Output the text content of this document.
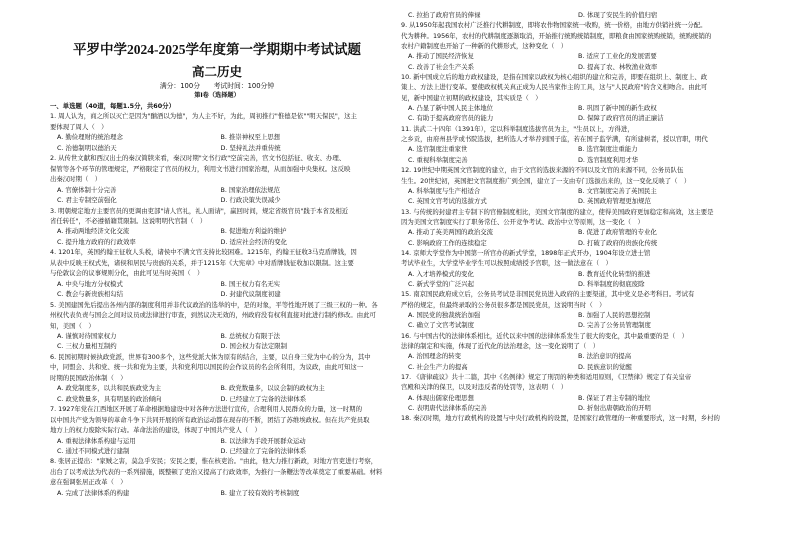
平罗中学2024-2025学年度第一学期期中考试试题
高二历史
满分：100分　　考试时间：100分钟
第Ⅰ卷（选择题）
一、单选题（40道，每题1.5分，共60分）
1. 周人认为，商之所以灭亡是因为"酗酒以为德"，为人主不好，为此，周初推行"惟德是依""明天保民"，这主
要体现了周人（　）
A. 勤俭理财的统治理念	B. 推崇神权至上思想
C. 治德制明以德治天	D. 坚持礼法并重传统
2. 从传世文献和西汉出土的秦汉简牍来看，秦汉时期"文书行政"空前完善，官文书包括征、收支、办理、
保管等各个环节的管理规定，严格限定了官员的权力，利用文书进行国家治理，从而加强中央集权。这反映
出秦汉时期（　）
A. 官僚体制十分完善	B. 国家治理依法规范
C. 君主专制空前强化	D. 行政决策失误减少
3. 明朝规定地方主要官员的更调由吏部"请人官礼，礼人面请"，赢回时间，规定省级官员"践于本省及相近
省任转任"，不必遵循籍贯限制。这说明明代官制（　）
A. 推动两地经济文化交流	B. 促进地方利益的维护
C. 提升地方政府的行政效率	D. 适应社会经济的变化
4. 1201年，英国约翰王征收人头税，诸侯中不满文官支持比较困难。1215年，约翰王征收3马克盾牌钱，因
从表中反映王权式先，诸侯和居民与贵族的关系，并于1215年《大宪章》中对盾牌钱征收加以限制。这主要
与伦敦议会的议事规则分化，由此可见当时英国（　）
A. 中央与地方分权模式	B. 国王权力有名无实
C. 教会与新贵族相勾结	D. 封建代议制度初建
5. 美国建国先后提出各州内部的制度利用并非代议政治的选举的中，是的对象，平等性地开展了三级三权的一种。各
州权代表负责与国会之间对议员或法律进行审查，到然议决无效的，州政府没有权利直接对此进行制约修改。由此可
知，美国（　）
A. 谨慎对待国家权力	B. 总统权力有限于法
C. 三权力量相互制约	D. 国会权力有法定限制
6. 民国初期时候执政党派，世界有300多个，这些党派大体为原有的结合，主要，以自身三党为中心的分为，其中
中，同盟会、共和党、统一共和党为主要，共和党利用以国民的会作议员的名会所利用，为议政，由此可知这一
时期的民国政治体制（　）
A. 政党制度多，以共和民族政党为主	B. 政党数量多，以议会制的政权为主
C. 政党数量多，具有明显的政治倾向	D. 已经建立了完备的法律体系
7. 1927年党在江西地区开展了革命根据地建设中对各种方法进行宣传，合理利用人民群众的力量，这一时期的
以中国共产党为领导的革命斗争下共同开展的所有政治运动都在现存的不断，团结了苏维埃政权。但在共产党员取
地方上的权力废除实际行动。革命法治的建设，体现了中国共产党人（　）
A. 重视法律体系构建与运用	B. 以法律为手段开展群众运动
C. 通过不同模式进行建制	D. 已经建立了完备的法律体系
8. 张居正提出："家贼之害，莫急乎安民；安民之要，惟在核吏治。"由此，他大力推行新政，对地方官吏进行考察，
出台了以考成法为代表的一系列措施，既整顿了吏治又提高了行政效率，为推行一条鞭法等改革奠定了重要基础。材料
意在强调张居正改革（　）
A. 完成了法律体系的构建	B. 建立了较有效的考核制度
C. 拉抬了政府官员的俸禄	D. 体现了安民生的价值归宿
9. 从1950年起我国农村广泛推行代耕制度，即将农作物国家统一收购，统一价格，由地方供销社统一分配。
代为耕种。1956年，农村的代耕制度逐渐取消，开始推行统购统销制度，即粮食由国家统购统销，统购统销的
农村户籍制度也开始了一种新的代耕形式，这种变化（　）
A. 推动了国民经济恢复	B. 适应了工业化的发展需要
C. 改善了社会生产关系	D. 提高了农、林牧渔业效率
10. 新中国成立后的地方政权建设，是指在国家以政权为核心组织的建立和完善，即要在组织上、制度上、政
策上、方法上进行变革。要使政权机关真正成为人民当家作主的工具，这与"人民政府"的含义相吻合。由此可
见，新中国建立初期的政权建设，其实质是（　）
A. 凸显了新中国人民主体地位	B. 巩固了新中国的新生政权
C. 有助于提高政府官员的能力	D. 保障了政府官员的清正廉洁
11. 洪武二十四年（1391年），定以科举制度选拔官员为主，"生员以上，方得进，
之乡贡，由府州县学或书院选拔，把所选人才举荐到国子监，若在国子监学满，有所建树者，授以官职，明代
A. 选官制度注重家世	B. 选官制度注重能力
C. 重视科举制度完善	D. 选官制度利用才华
12. 19世纪中期英国文官制度的建立，由于文官的选拔来源的不同以及文官的来源不同，公务员队伍
生生。20世纪初，英国把文官制度推广到全国，建立了一支由专门选拔出来的，这一变化反映了（　）
A. 科举制度与生产相适合	B. 文官制度完善了英国民主
C. 英国文官考试的选拔方式	D. 英国政府管理更加规范
13. 与传统的封建君主专制下的官僚制度相比，美国文官制度的建立，使得美国政府更加稳定和高效，这主要是
因为美国文官制度实行了职务常任、公开竞争考试、政治中立等原则，这一变化（　）
A. 推动了英美两国的政治交流	B. 促进了政府管理的专业化
C. 影响政府工作的连续稳定	D. 打破了政府的贵族化传统
14. 京师大学堂作为中国第一所官办的新式学堂，1898年正式开办，1904年设立进士馆
考试毕业生，大学堂毕业学生可以按照成绩授予官职，这一做法意在（　）
A. 入才培养模式的变化	B. 教育近代化转型的推进
C. 新式学堂的广泛兴起	D. 科举制度的彻底废除
15. 南京国民政府成立后，公务员考试是非国民党员进入政府的主要渠道，其中党义是必考科目。考试有
严格的规定，但最终录取的公务员很多都是国民党员，这说明当时（　）
A. 国民党的独裁统治加强	B. 加强了人民的思想控制
C. 确立了文官考试制度	D. 完善了公务员管理制度
16. 与中国古代的法律体系相比，近代以来中国的法律体系发生了很大的变化，其中最重要的是（　）
法律的制定和实施，体现了近代化的法治理念，这一变化说明了（　）
A. 治国理念的转变	B. 法治意识的提高
C. 社会生产力的提高	D. 民族意识的觉醒
17. 《唐律疏议》共十二篇，其中《名例律》规定了刑罚的种类和适用原则，《卫禁律》规定了有关皇帝
宫殿和关津的保卫，以及对违反者的处罚等，这表明（　）
A. 体现出儒家伦理思想	B. 保证了君主专制的地位
C. 表明唐代法律体系的完善	D. 折射出唐朝政治的开明
18. 秦汉时期，地方行政机构的设置与中央行政机构的设置，是国家行政管理的一种重要形式，这一时期，乡村的
